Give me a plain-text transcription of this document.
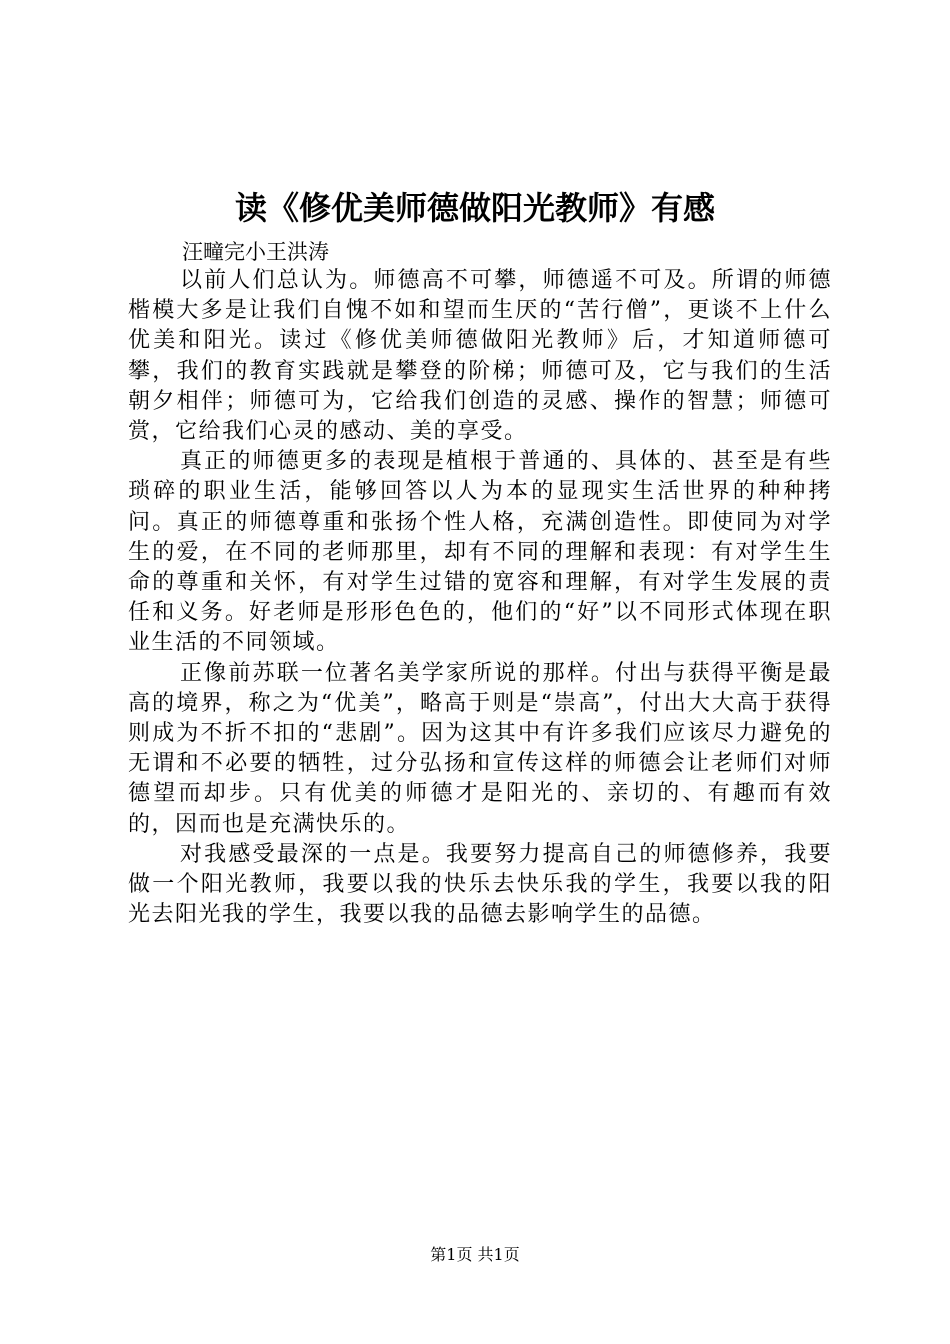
读《修优美师德做阳光教师》有感
汪疃完小王洪涛

以前人们总认为。师德高不可攀，师德遥不可及。所谓的师德楷模大多是让我们自愧不如和望而生厌的“苦行僧”，更谈不上什么优美和阳光。读过《修优美师德做阳光教师》后，才知道师德可攀，我们的教育实践就是攀登的阶梯；师德可及，它与我们的生活朝夕相伴；师德可为，它给我们创造的灵感、操作的智慧；师德可赏，它给我们心灵的感动、美的享受。

真正的师德更多的表现是植根于普通的、具体的、甚至是有些琐碎的职业生活，能够回答以人为本的显现实生活世界的种种拷问。真正的师德尊重和张扬个性人格，充满创造性。即使同为对学生的爱，在不同的老师那里，却有不同的理解和表现：有对学生生命的尊重和关怀，有对学生过错的宽容和理解，有对学生发展的责任和义务。好老师是形形色色的，他们的“好”以不同形式体现在职业生活的不同领域。

正像前苏联一位著名美学家所说的那样。付出与获得平衡是最高的境界，称之为“优美”，略高于则是“崇高”，付出大大高于获得则成为不折不扣的“悲剧”。因为这其中有许多我们应该尽力避免的无谓和不必要的牺牲，过分弘扬和宣传这样的师德会让老师们对师德望而却步。只有优美的师德才是阳光的、亲切的、有趣而有效的，因而也是充满快乐的。

对我感受最深的一点是。我要努力提高自己的师德修养，我要做一个阳光教师，我要以我的快乐去快乐我的学生，我要以我的阳光去阳光我的学生，我要以我的品德去影响学生的品德。

第1页 共1页
